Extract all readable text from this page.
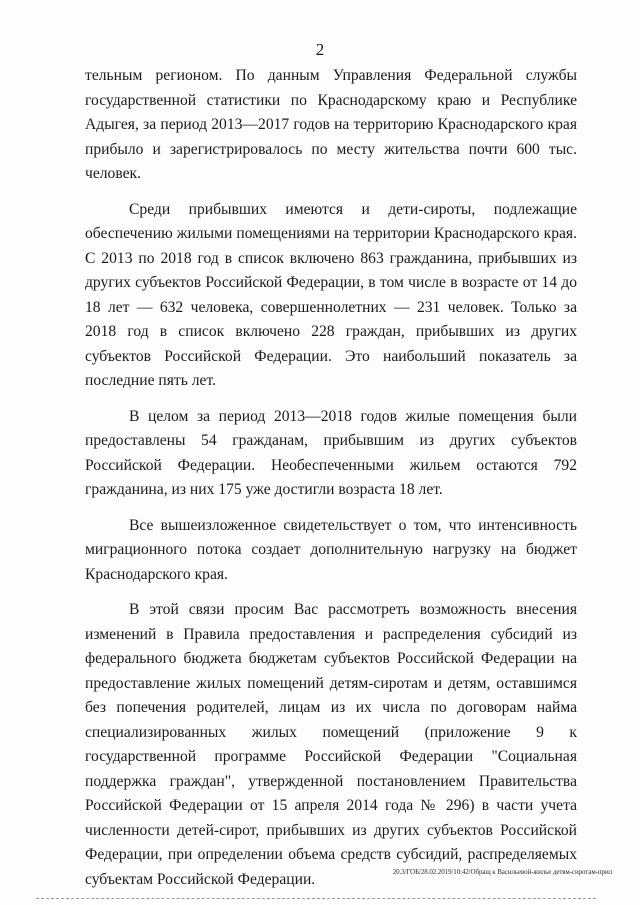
2

тельным регионом. По данным Управления Федеральной службы государственной статистики по Краснодарскому краю и Республике Адыгея, за период 2013—2017 годов на территорию Краснодарского края прибыло и зарегистрировалось по месту жительства почти 600 тыс. человек.

Среди прибывших имеются и дети-сироты, подлежащие обеспечению жилыми помещениями на территории Краснодарского края. С 2013 по 2018 год в список включено 863 гражданина, прибывших из других субъектов Российской Федерации, в том числе в возрасте от 14 до 18 лет — 632 человека, совершеннолетних — 231 человек. Только за 2018 год в список включено 228 граждан, прибывших из других субъектов Российской Федерации. Это наибольший показатель за последние пять лет.

В целом за период 2013—2018 годов жилые помещения были предоставлены 54 гражданам, прибывшим из других субъектов Российской Федерации. Необеспеченными жильем остаются 792 гражданина, из них 175 уже достигли возраста 18 лет.

Все вышеизложенное свидетельствует о том, что интенсивность миграционного потока создает дополнительную нагрузку на бюджет Краснодарского края.

В этой связи просим Вас рассмотреть возможность внесения изменений в Правила предоставления и распределения субсидий из федерального бюджета бюджетам субъектов Российской Федерации на предоставление жилых помещений детям-сиротам и детям, оставшимся без попечения родителей, лицам из их числа по договорам найма специализированных жилых помещений (приложение 9 к государственной программе Российской Федерации "Социальная поддержка граждан", утвержденной постановлением Правительства Российской Федерации от 15 апреля 2014 года № 296) в части учета численности детей-сирот, прибывших из других субъектов Российской Федерации, при определении объема средств субсидий, распределяемых субъектам Российской Федерации.	20.3/ГОБ/28.02.2019/10:42/Обращ к Васильевой-жилье детям-сиротам-прил
